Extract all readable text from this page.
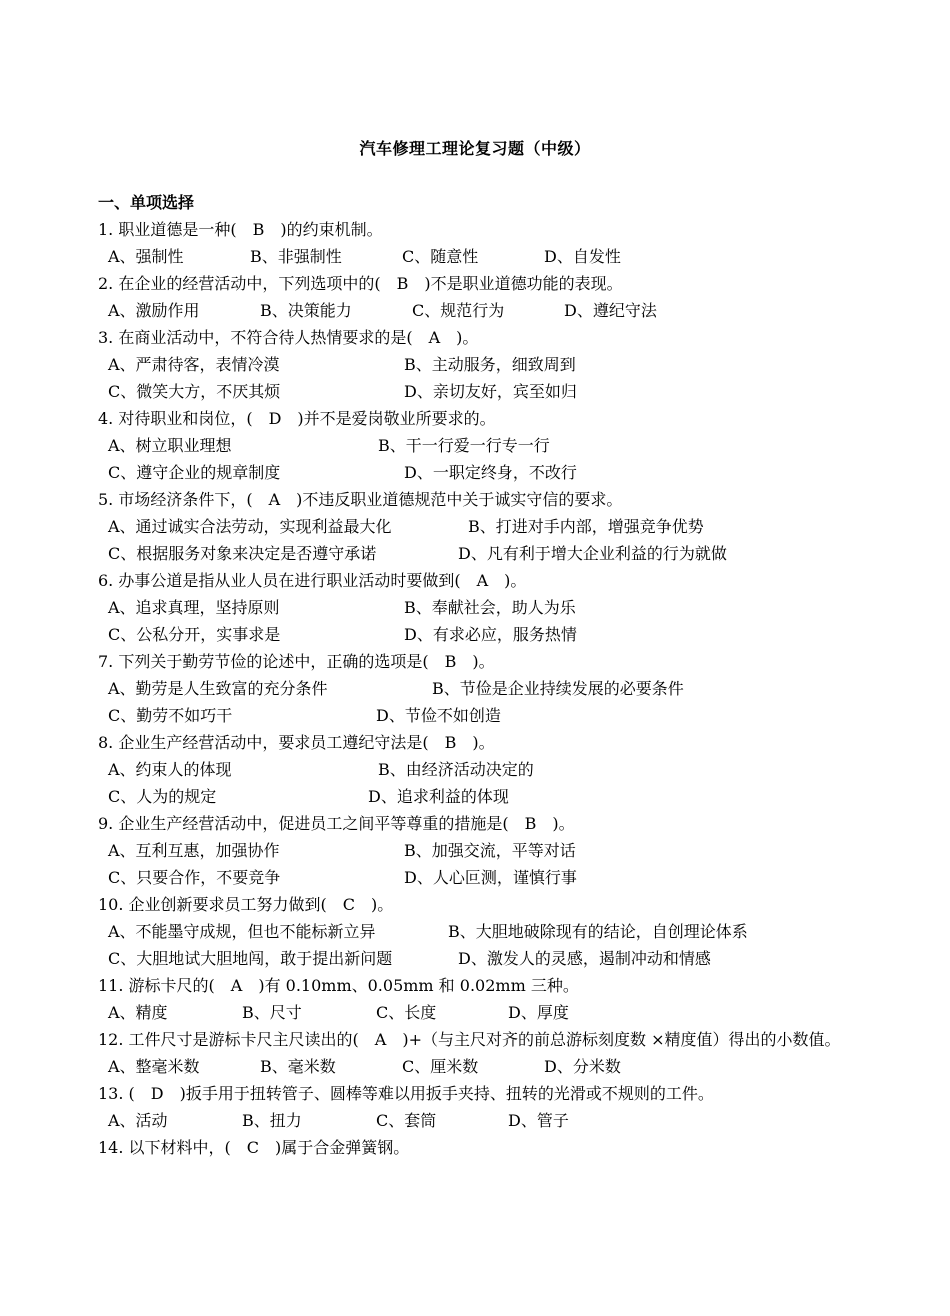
汽车修理工理论复习题（中级）
一、单项选择
1. 职业道德是一种(　B　)的约束机制。
A、强制性	B、非强制性	C、随意性	D、自发性
2. 在企业的经营活动中，下列选项中的(　B　)不是职业道德功能的表现。
A、激励作用	B、决策能力	C、规范行为	D、遵纪守法
3. 在商业活动中，不符合待人热情要求的是(　A　)。
A、严肃待客，表情冷漠	B、主动服务，细致周到
C、微笑大方，不厌其烦	D、亲切友好，宾至如归
4. 对待职业和岗位，(　D　)并不是爱岗敬业所要求的。
A、树立职业理想	B、干一行爱一行专一行
C、遵守企业的规章制度	D、一职定终身，不改行
5. 市场经济条件下，(　A　)不违反职业道德规范中关于诚实守信的要求。
A、通过诚实合法劳动，实现利益最大化	B、打进对手内部，增强竞争优势
C、根据服务对象来决定是否遵守承诺	D、凡有利于增大企业利益的行为就做
6. 办事公道是指从业人员在进行职业活动时要做到(　A　)。
A、追求真理，坚持原则	B、奉献社会，助人为乐
C、公私分开，实事求是	D、有求必应，服务热情
7. 下列关于勤劳节俭的论述中，正确的选项是(　B　)。
A、勤劳是人生致富的充分条件	B、节俭是企业持续发展的必要条件
C、勤劳不如巧干	D、节俭不如创造
8. 企业生产经营活动中，要求员工遵纪守法是(　B　)。
A、约束人的体现	B、由经济活动决定的
C、人为的规定	D、追求利益的体现
9. 企业生产经营活动中，促进员工之间平等尊重的措施是(　B　)。
A、互利互惠，加强协作	B、加强交流，平等对话
C、只要合作，不要竞争	D、人心叵测，谨慎行事
10. 企业创新要求员工努力做到(　C　)。
A、不能墨守成规，但也不能标新立异	B、大胆地破除现有的结论，自创理论体系
C、大胆地试大胆地闯，敢于提出新问题	D、激发人的灵感，遏制冲动和情感
11. 游标卡尺的(　A　)有 0.10mm、0.05mm 和 0.02mm 三种。
A、精度	B、尺寸	C、长度	D、厚度
12. 工件尺寸是游标卡尺主尺读出的(　A　)+（与主尺对齐的前总游标刻度数 ×精度值）得出的小数值。
A、整毫米数	B、毫米数	C、厘米数	D、分米数
13. (　D　)扳手用于扭转管子、圆棒等难以用扳手夹持、扭转的光滑或不规则的工件。
A、活动	B、扭力	C、套筒	D、管子
14. 以下材料中，(　C　)属于合金弹簧钢。
